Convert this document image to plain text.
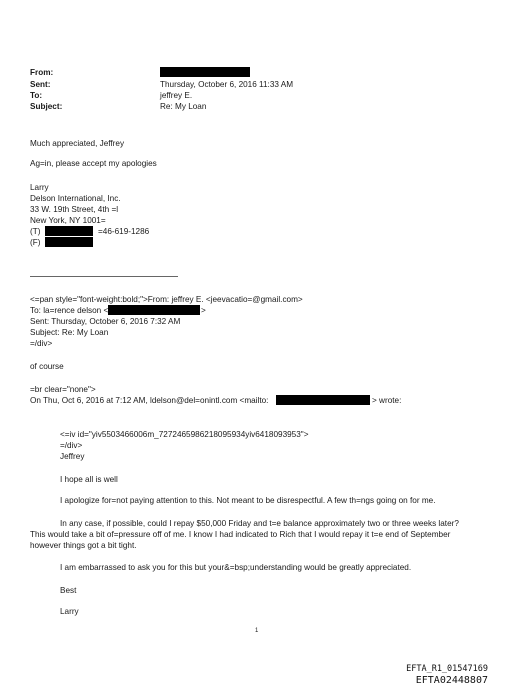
From:
Sent:	Thursday, October 6, 2016 11:33 AM
To:	jeffrey E.
Subject:	Re: My Loan
Much appreciated, Jeffrey
Ag=in, please accept my apologies
Larry
Delson International, Inc.
33 W. 19th Street, 4th =l
New York, NY 1001=
(T)	=46-619-1286
(F)
<=pan style="font-weight:bold;">From: jeffrey E. <jeevacatio=@gmail.com>
To: la=rence delson <	>
Sent: Thursday, October 6, 2016 7:32 AM
Subject: Re: My Loan
=/div>
of course
=br clear="none">
On Thu, Oct 6, 2016 at 7:12 AM, ldelson@del=onintl.com <mailto:	> wrote:
<=iv id="yiv5503466006m_7272465986218095934yiv6418093953">
=/div>
Jeffrey
I hope all is well
I apologize for=not paying attention to this. Not meant to be disrespectful. A few th=ngs going on for me.
In any case, if possible, could I repay $50,000 Friday and t=e balance approximately two or three weeks later? This would take a bit of=pressure off of me. I know I had indicated to Rich that I would repay it t=e end of September however things got a bit tight.
I am embarrassed to ask you for this but your&=bsp;understanding would be greatly appreciated.
Best
Larry
1
EFTA_R1_01547169
EFTA02448807
